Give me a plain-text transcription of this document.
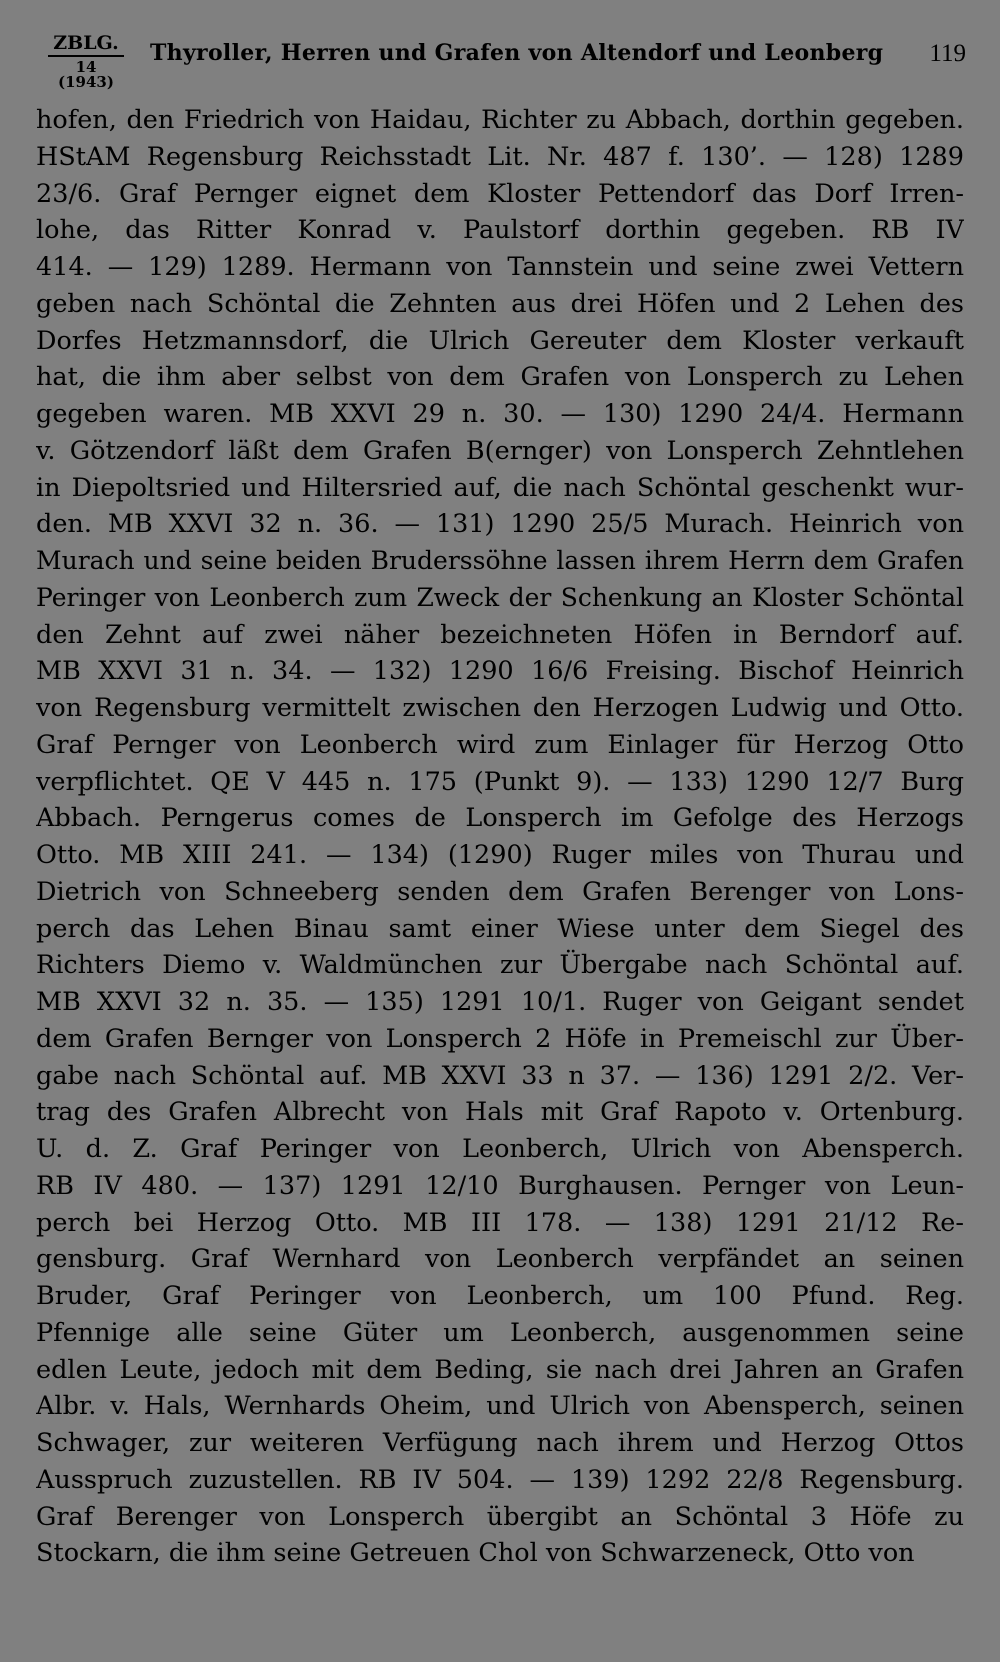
ZBLG.
14 (1943)
Thyroller, Herren und Grafen von Altendorf und Leonberg 119
hofen, den Friedrich von Haidau, Richter zu Abbach, dorthin gegeben.
HStAM Regensburg Reichsstadt Lit. Nr. 487 f. 130’. — 128) 1289
23/6. Graf Pernger eignet dem Kloster Pettendorf das Dorf Irren-
lohe, das Ritter Konrad v. Paulstorf dorthin gegeben. RB IV
414. — 129) 1289. Hermann von Tannstein und seine zwei Vettern
geben nach Schöntal die Zehnten aus drei Höfen und 2 Lehen des
Dorfes Hetzmannsdorf, die Ulrich Gereuter dem Kloster verkauft
hat, die ihm aber selbst von dem Grafen von Lonsperch zu Lehen
gegeben waren. MB XXVI 29 n. 30. — 130) 1290 24/4. Hermann
v. Götzendorf läßt dem Grafen B(ernger) von Lonsperch Zehntlehen
in Diepoltsried und Hiltersried auf, die nach Schöntal geschenkt wur-
den. MB XXVI 32 n. 36. — 131) 1290 25/5 Murach. Heinrich von
Murach und seine beiden Bruderssöhne lassen ihrem Herrn dem Grafen
Peringer von Leonberch zum Zweck der Schenkung an Kloster Schöntal
den Zehnt auf zwei näher bezeichneten Höfen in Berndorf auf.
MB XXVI 31 n. 34. — 132) 1290 16/6 Freising. Bischof Heinrich
von Regensburg vermittelt zwischen den Herzogen Ludwig und Otto.
Graf Pernger von Leonberch wird zum Einlager für Herzog Otto
verpflichtet. QE V 445 n. 175 (Punkt 9). — 133) 1290 12/7 Burg
Abbach. Perngerus comes de Lonsperch im Gefolge des Herzogs
Otto. MB XIII 241. — 134) (1290) Ruger miles von Thurau und
Dietrich von Schneeberg senden dem Grafen Berenger von Lons-
perch das Lehen Binau samt einer Wiese unter dem Siegel des
Richters Diemo v. Waldmünchen zur Übergabe nach Schöntal auf.
MB XXVI 32 n. 35. — 135) 1291 10/1. Ruger von Geigant sendet
dem Grafen Bernger von Lonsperch 2 Höfe in Premeischl zur Über-
gabe nach Schöntal auf. MB XXVI 33 n 37. — 136) 1291 2/2. Ver-
trag des Grafen Albrecht von Hals mit Graf Rapoto v. Ortenburg.
U. d. Z. Graf Peringer von Leonberch, Ulrich von Abensperch.
RB IV 480. — 137) 1291 12/10 Burghausen. Pernger von Leun-
perch bei Herzog Otto. MB III 178. — 138) 1291 21/12 Re-
gensburg. Graf Wernhard von Leonberch verpfändet an seinen
Bruder, Graf Peringer von Leonberch, um 100 Pfund. Reg.
Pfennige alle seine Güter um Leonberch, ausgenommen seine
edlen Leute, jedoch mit dem Beding, sie nach drei Jahren an Grafen
Albr. v. Hals, Wernhards Oheim, und Ulrich von Abensperch, seinen
Schwager, zur weiteren Verfügung nach ihrem und Herzog Ottos
Ausspruch zuzustellen. RB IV 504. — 139) 1292 22/8 Regensburg.
Graf Berenger von Lonsperch übergibt an Schöntal 3 Höfe zu
Stockarn, die ihm seine Getreuen Chol von Schwarzeneck, Otto von
